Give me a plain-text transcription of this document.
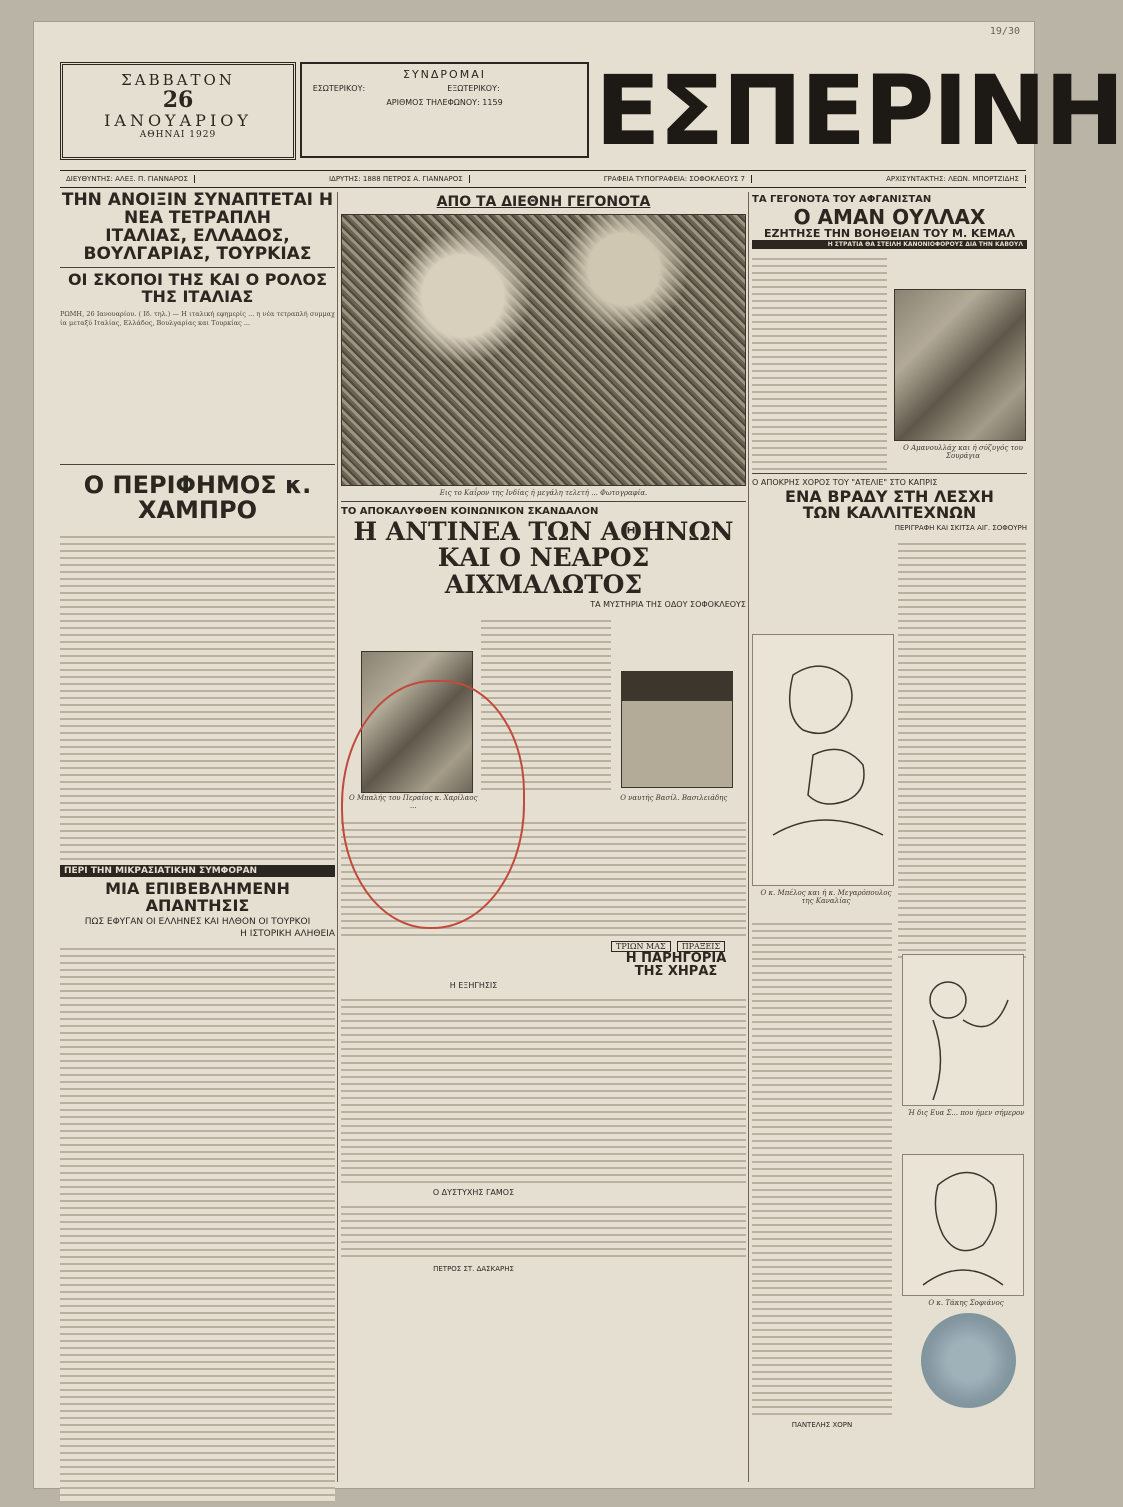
19/30
ΣΑΒΒΑΤΟΝ
26
ΙΑΝΟΥΑΡΙΟΥ
ΑΘΗΝΑΙ 1929
ΣΥΝΔΡΟΜΑΙ
ΕΣΩΤΕΡΙΚΟΥ:	ΕΞΩΤΕΡΙΚΟΥ:
ΑΡΙΘΜΟΣ ΤΗΛΕΦΩΝΟΥ: 1159 ΕΣΠΕΡΙΝΗ
ΔΙΕΥΘΥΝΤΗΣ: ΑΛΕΞ. Π. ΓΙΑΝΝΑΡΟΣ	ΙΔΡΥΤΗΣ: 1888 ΠΕΤΡΟΣ Α. ΓΙΑΝΝΑΡΟΣ	ΓΡΑΦΕΙΑ ΤΥΠΟΓΡΑΦΕΙΑ: ΣΟΦΟΚΛΕΟΥΣ 7	ΑΡΧΙΣΥΝΤΑΚΤΗΣ: ΛΕΩΝ. ΜΠΟΡΤΖΙΔΗΣ
ΤΗΝ ΑΝΟΙΞΙΝ ΣΥΝΑΠΤΕΤΑΙ Η ΝΕΑ ΤΕΤΡΑΠΛΗ
ΙΤΑΛΙΑΣ, ΕΛΛΑΔΟΣ, ΒΟΥΛΓΑΡΙΑΣ, ΤΟΥΡΚΙΑΣ
ΟΙ ΣΚΟΠΟΙ ΤΗΣ ΚΑΙ Ο ΡΟΛΟΣ ΤΗΣ ΙΤΑΛΙΑΣ

ΡΩΜΗ, 26 Ιανουαρίου. ( Ιδ. τηλ.) — Η ιταλική εφημερίς ... η νέα τετραπλή συμμαχία μεταξύ Ιταλίας, Ελλάδος, Βουλγαρίας και Τουρκίας ...

Ο ΠΕΡΙΦΗΜΟΣ κ. ΧΑΜΠΡΟ
ΠΕΡΙ ΤΗΝ ΜΙΚΡΑΣΙΑΤΙΚΗΝ ΣΥΜΦΟΡΑΝ
ΜΙΑ ΕΠΙΒΕΒΛΗΜΕΝΗ ΑΠΑΝΤΗΣΙΣ
ΠΩΣ ΕΦΥΓΑΝ ΟΙ ΕΛΛΗΝΕΣ ΚΑΙ ΗΛΘΟΝ ΟΙ ΤΟΥΡΚΟΙ
Η ΙΣΤΟΡΙΚΗ ΑΛΗΘΕΙΑ
ΑΠΟ ΤΑ ΔΙΕΘΝΗ ΓΕΓΟΝΟΤΑ
Εις το Καΐρον της Ινδίας ή μεγάλη τελετή ... Φωτογραφία.
ΤΟ ΑΠΟΚΑΛΥΦΘΕΝ ΚΟΙΝΩΝΙΚΟΝ ΣΚΑΝΔΑΛΟΝ
Η ΑΝΤΙΝΕΑ ΤΩΝ ΑΘΗΝΩΝ
ΚΑΙ Ο ΝΕΑΡΟΣ ΑΙΧΜΑΛΩΤΟΣ
ΤΑ ΜΥΣΤΗΡΙΑ ΤΗΣ ΟΔΟΥ ΣΟΦΟΚΛΕΟΥΣ
Ο Μπαλής του Περαίος κ. Χαρίλαος ...
Ο ναυτής Βασίλ. Βασιλειάδης
ΤΡΙΩΝ ΜΑΣ	ΠΡΑΞΕΙΣ
Η ΠΑΡΗΓΟΡΙΑ ΤΗΣ ΧΗΡΑΣ
Η ΕΞΗΓΗΣΙΣ
Ο ΔΥΣΤΥΧΗΣ ΓΑΜΟΣ
ΠΕΤΡΟΣ ΣΤ. ΔΑΣΚΑΡΗΣ
ΤΑ ΓΕΓΟΝΟΤΑ ΤΟΥ ΑΦΓΑΝΙΣΤΑΝ
Ο ΑΜΑΝ ΟΥΛΛΑΧ
ΕΖΗΤΗΣΕ ΤΗΝ ΒΟΗΘΕΙΑΝ ΤΟΥ Μ. ΚΕΜΑΛ
Η ΣΤΡΑΤΙΑ ΘΑ ΣΤΕΙΛΗ ΚΑΝΟΝΙΟΦΟΡΟΥΣ ΔΙΑ ΤΗΝ ΚΑΒΟΥΛ
Ο Αμανουλλάχ και ή σύζυγός του Σουράγια
Ο ΑΠΟΚΡΗΣ ΧΟΡΟΣ ΤΟΥ "ΑΤΕΛΙΕ" ΣΤΟ ΚΑΠΡΙΣ
ΕΝΑ ΒΡΑΔΥ ΣΤΗ ΛΕΣΧΗ
ΤΩΝ ΚΑΛΛΙΤΕΧΝΩΝ
ΠΕΡΙΓΡΑΦΗ ΚΑΙ ΣΚΙΤΣΑ ΑΙΓ. ΣΟΦΟΥΡΗ
Ο κ. Μπέλος και ή κ. Μεγαρόπουλος της Καναλίας
Ή δις Ευα Σ... που ήμεν σήμερον
Ο κ. Τάκης Σοφιάνος
ΠΑΝΤΕΛΗΣ ΧΟΡΝ
